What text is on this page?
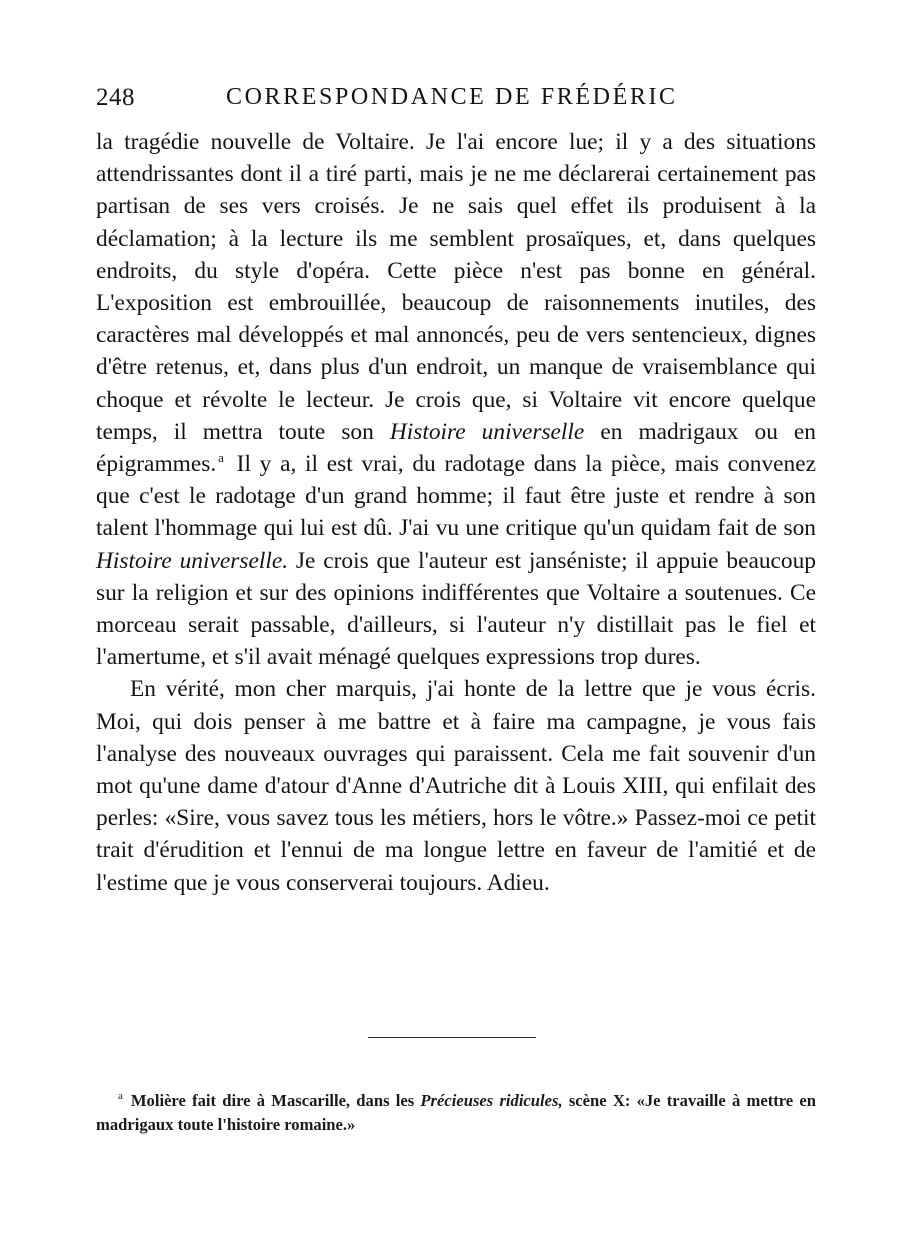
248	CORRESPONDANCE DE FRÉDÉRIC

la tragédie nouvelle de Voltaire. Je l'ai encore lue; il y a des situations attendrissantes dont il a tiré parti, mais je ne me déclarerai certainement pas partisan de ses vers croisés. Je ne sais quel effet ils produisent à la déclamation; à la lecture ils me semblent prosaïques, et, dans quelques endroits, du style d'opéra. Cette pièce n'est pas bonne en général. L'exposition est embrouillée, beaucoup de raisonnements inutiles, des caractères mal développés et mal annoncés, peu de vers sentencieux, dignes d'être retenus, et, dans plus d'un endroit, un manque de vraisemblance qui choque et révolte le lecteur. Je crois que, si Voltaire vit encore quelque temps, il mettra toute son Histoire universelle en madrigaux ou en épigrammes. $^a$ Il y a, il est vrai, du radotage dans la pièce, mais convenez que c'est le radotage d'un grand homme; il faut être juste et rendre à son talent l'hommage qui lui est dû. J'ai vu une critique qu'un quidam fait de son Histoire universelle. Je crois que l'auteur est janséniste; il appuie beaucoup sur la religion et sur des opinions indifférentes que Voltaire a soutenues. Ce morceau serait passable, d'ailleurs, si l'auteur n'y distillait pas le fiel et l'amertume, et s'il avait ménagé quelques expressions trop dures.

En vérité, mon cher marquis, j'ai honte de la lettre que je vous écris. Moi, qui dois penser à me battre et à faire ma campagne, je vous fais l'analyse des nouveaux ouvrages qui paraissent. Cela me fait souvenir d'un mot qu'une dame d'atour d'Anne d'Autriche dit à Louis XIII, qui enfilait des perles: «Sire, vous savez tous les métiers, hors le vôtre.» Passez-moi ce petit trait d'érudition et l'ennui de ma longue lettre en faveur de l'amitié et de l'estime que je vous conserverai toujours. Adieu.

$^a$ Molière fait dire à Mascarille, dans les Précieuses ridicules, scène X: «Je travaille à mettre en madrigaux toute l'histoire romaine.»
